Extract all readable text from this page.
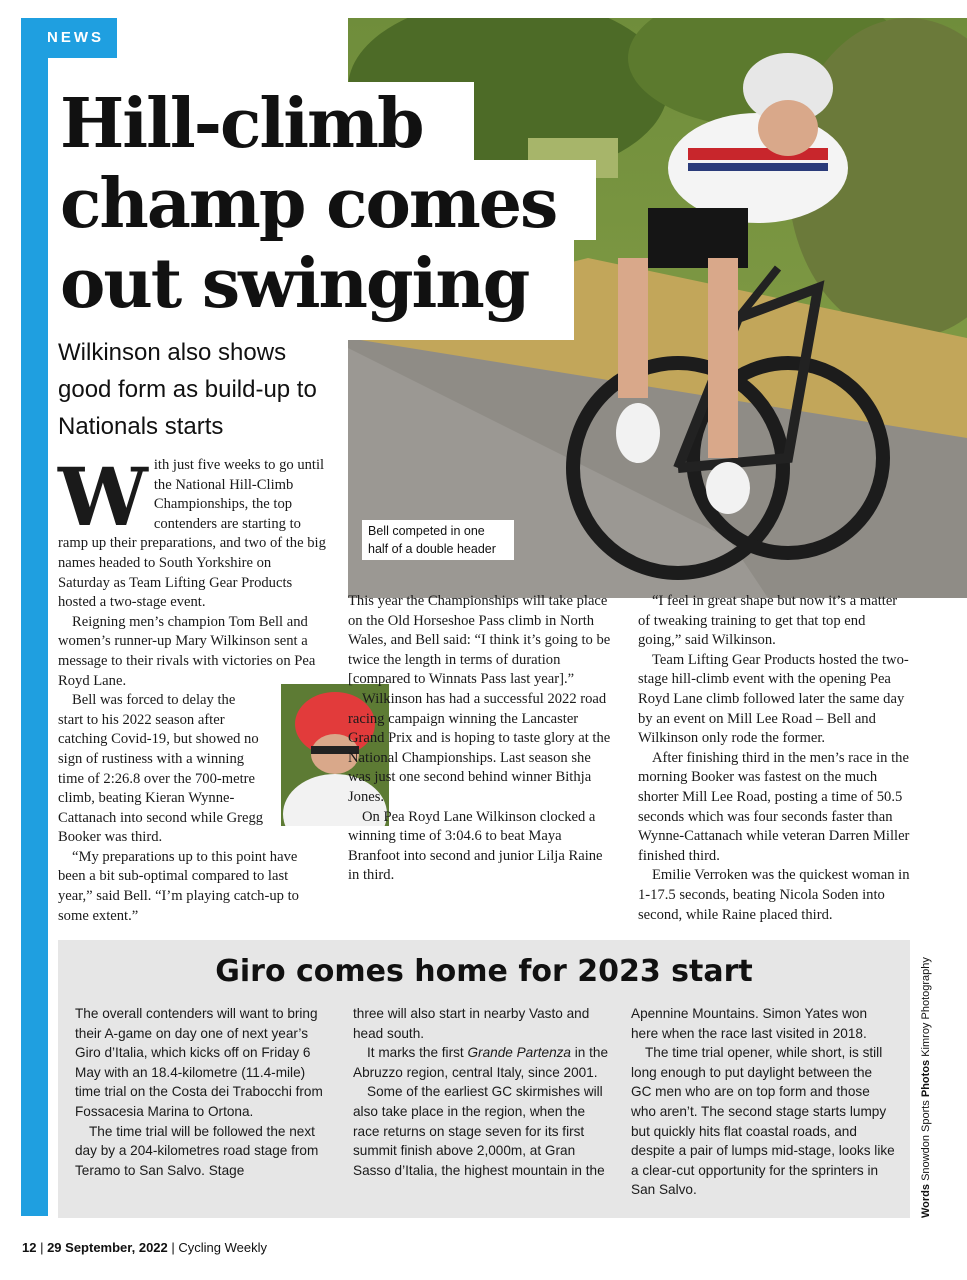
NEWS
Hill-climb champ comes out swinging

Wilkinson also shows good form as build-up to Nationals starts

Bell competed in one half of a double header

With just five weeks to go until the National Hill-Climb Championships, the top contenders are starting to ramp up their preparations, and two of the big names headed to South Yorkshire on Saturday as Team Lifting Gear Products hosted a two-stage event.

Reigning men’s champion Tom Bell and women’s runner-up Mary Wilkinson sent a message to their rivals with victories on Pea Royd Lane.

Bell was forced to delay the start to his 2022 season after catching Covid-19, but showed no sign of rustiness with a winning time of 2:26.8 over the 700-metre climb, beating Kieran Wynne-Cattanach into second while Gregg Booker was third.

“My preparations up to this point have been a bit sub-optimal compared to last year,” said Bell. “I’m playing catch-up to some extent.”

This year the Championships will take place on the Old Horseshoe Pass climb in North Wales, and Bell said: “I think it’s going to be twice the length in terms of duration [compared to Winnats Pass last year].”

Wilkinson has had a successful 2022 road racing campaign winning the Lancaster Grand Prix and is hoping to taste glory at the National Championships. Last season she was just one second behind winner Bithja Jones.

On Pea Royd Lane Wilkinson clocked a winning time of 3:04.6 to beat Maya Branfoot into second and junior Lilja Raine in third.

“I feel in great shape but now it’s a matter of tweaking training to get that top end going,” said Wilkinson.

Team Lifting Gear Products hosted the two-stage hill-climb event with the opening Pea Royd Lane climb followed later the same day by an event on Mill Lee Road – Bell and Wilkinson only rode the former.

After finishing third in the men’s race in the morning Booker was fastest on the much shorter Mill Lee Road, posting a time of 50.5 seconds which was four seconds faster than Wynne-Cattanach while veteran Darren Miller finished third.

Emilie Verroken was the quickest woman in 1-17.5 seconds, beating Nicola Soden into second, while Raine placed third.

Giro comes home for 2023 start

The overall contenders will want to bring their A-game on day one of next year’s Giro d’Italia, which kicks off on Friday 6 May with an 18.4-kilometre (11.4-mile) time trial on the Costa dei Trabocchi from Fossacesia Marina to Ortona.

The time trial will be followed the next day by a 204-kilometres road stage from Teramo to San Salvo. Stage

three will also start in nearby Vasto and head south.

It marks the first Grande Partenza in the Abruzzo region, central Italy, since 2001.

Some of the earliest GC skirmishes will also take place in the region, when the race returns on stage seven for its first summit finish above 2,000m, at Gran Sasso d’Italia, the highest mountain in the

Apennine Mountains. Simon Yates won here when the race last visited in 2018.

The time trial opener, while short, is still long enough to put daylight between the GC men who are on top form and those who aren’t. The second stage starts lumpy but quickly hits flat coastal roads, and despite a pair of lumps mid-stage, looks like a clear-cut opportunity for the sprinters in San Salvo.	Words Snowdon Sports Photos Kimroy Photography
12 | 29 September, 2022 | Cycling Weekly
